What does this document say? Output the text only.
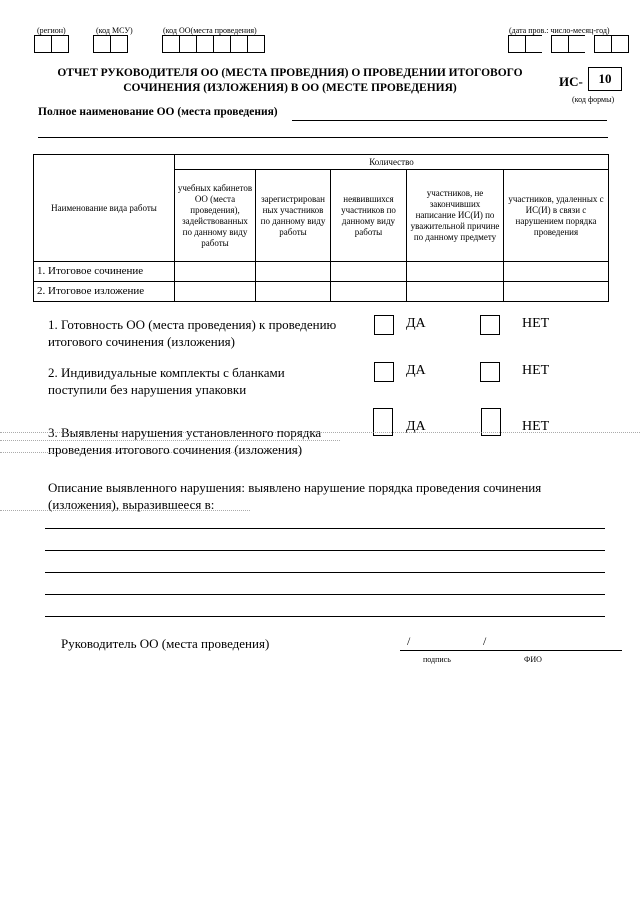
(регион)	(код МСУ)	(код ОО(места проведения)	(дата пров.: число-месяц-год)
ОТЧЕТ РУКОВОДИТЕЛЯ ОО (МЕСТА ПРОВЕДНИЯ) О ПРОВЕДЕНИИ ИТОГОВОГО
СОЧИНЕНИЯ (ИЗЛОЖЕНИЯ) В ОО (МЕСТЕ ПРОВЕДЕНИЯ)	ИС-	10
(код формы)
Полное наименование ОО (места проведения)
Наименование вида работы	Количество				
	учебных кабинетов ОО (места проведения), задействованных по данному виду работы	зарегистрирован ных участников по данному виду работы	неявившихся участников по данному виду работы	участников, не закончивших написание ИС(И) по уважительной причине по данному предмету	участников, удаленных с ИС(И) в связи с нарушением порядка проведения
1. Итоговое сочинение					
2. Итоговое изложение					
1. Готовность ОО (места проведения) к проведению
итогового сочинения (изложения)
ДА	НЕТ
2. Индивидуальные комплекты с бланками
поступили без нарушения упаковки
ДА	НЕТ
3. Выявлены нарушения установленного порядка
проведения итогового сочинения (изложения)
ДА	НЕТ
Описание выявленного нарушения: выявлено нарушение порядка проведения сочинения
(изложения), выразившееся в:
Руководитель ОО (места проведения)	/	/
подпись	ФИО
